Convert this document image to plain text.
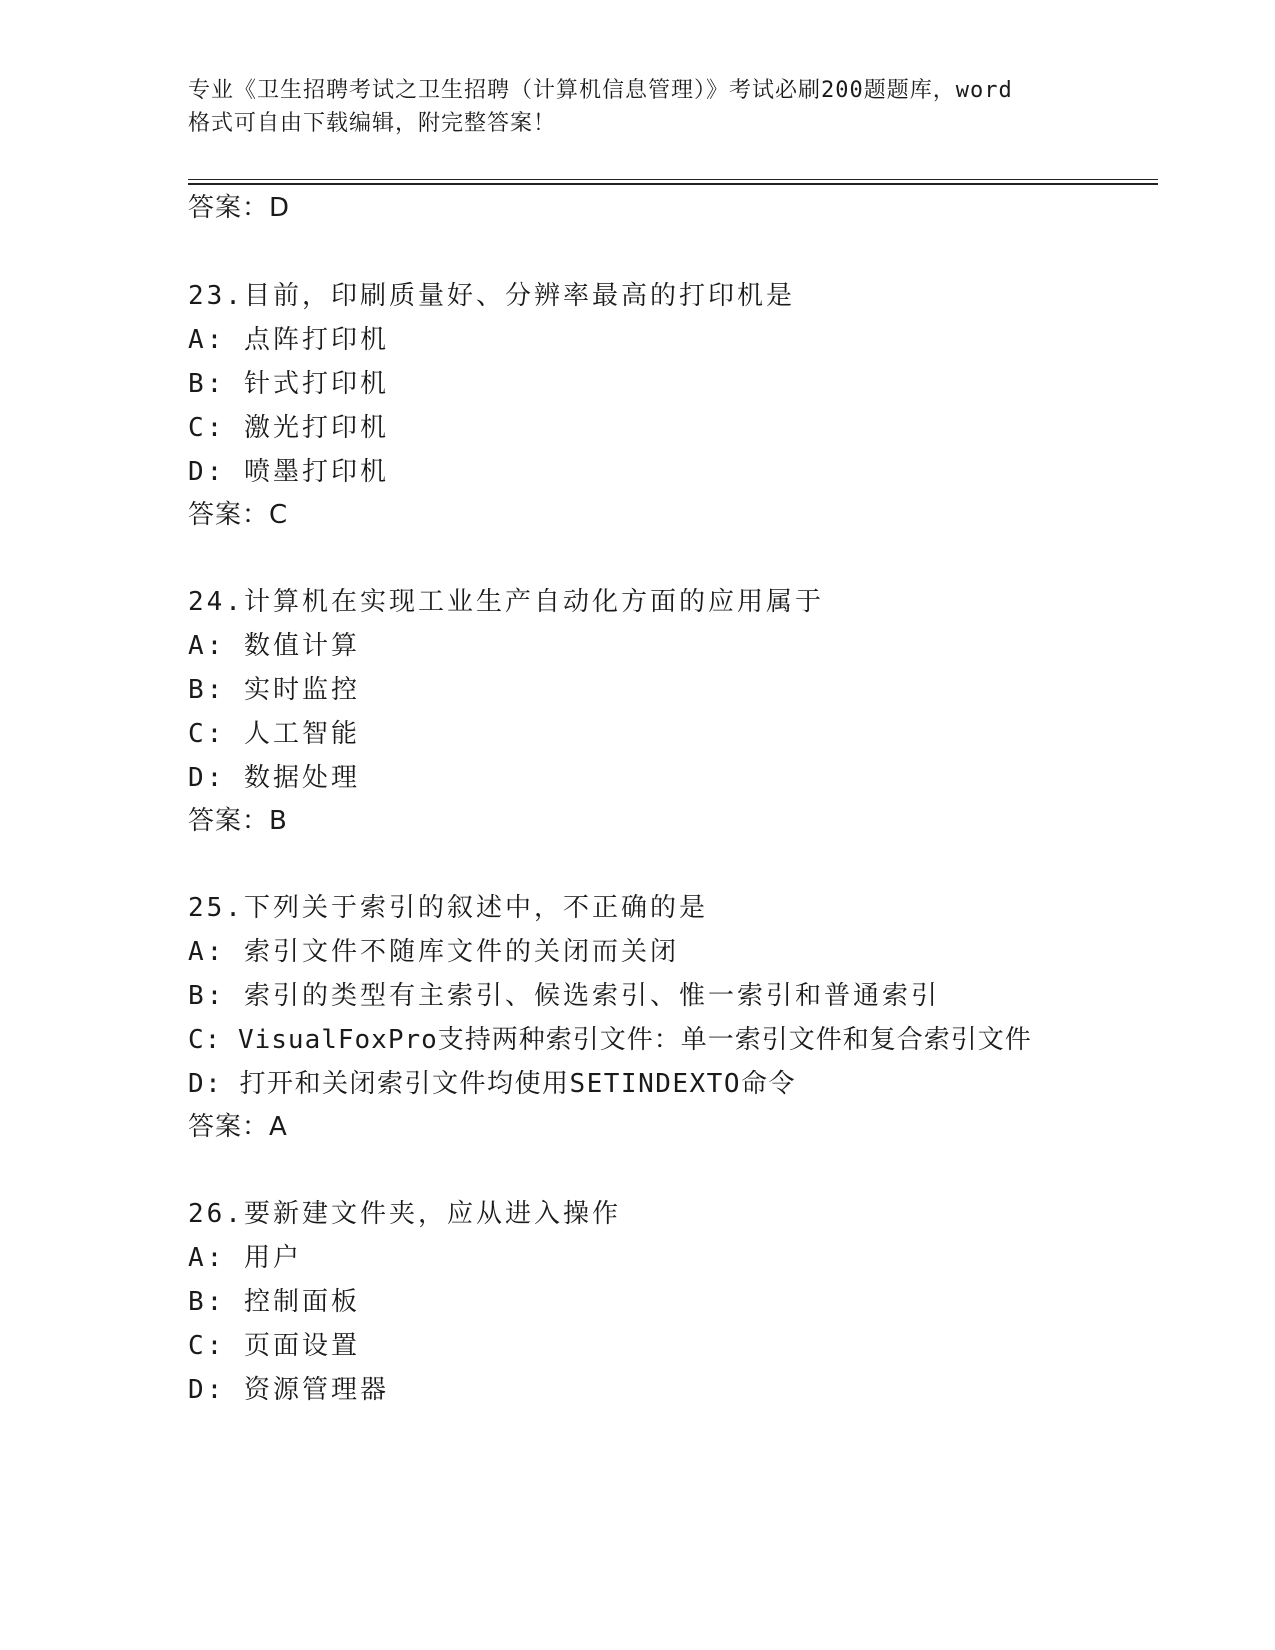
专业《卫生招聘考试之卫生招聘（计算机信息管理）》考试必刷200题题库，word
格式可自由下载编辑，附完整答案！
答案：D
23.目前，印刷质量好、分辨率最高的打印机是
A: 点阵打印机
B: 针式打印机
C: 激光打印机
D: 喷墨打印机
答案：C
24.计算机在实现工业生产自动化方面的应用属于
A: 数值计算
B: 实时监控
C: 人工智能
D: 数据处理
答案：B
25.下列关于索引的叙述中，不正确的是
A: 索引文件不随库文件的关闭而关闭
B: 索引的类型有主索引、候选索引、惟一索引和普通索引
C: VisualFoxPro支持两种索引文件：单一索引文件和复合索引文件
D: 打开和关闭索引文件均使用SETINDEXTO命令
答案：A
26.要新建文件夹，应从进入操作
A: 用户
B: 控制面板
C: 页面设置
D: 资源管理器
